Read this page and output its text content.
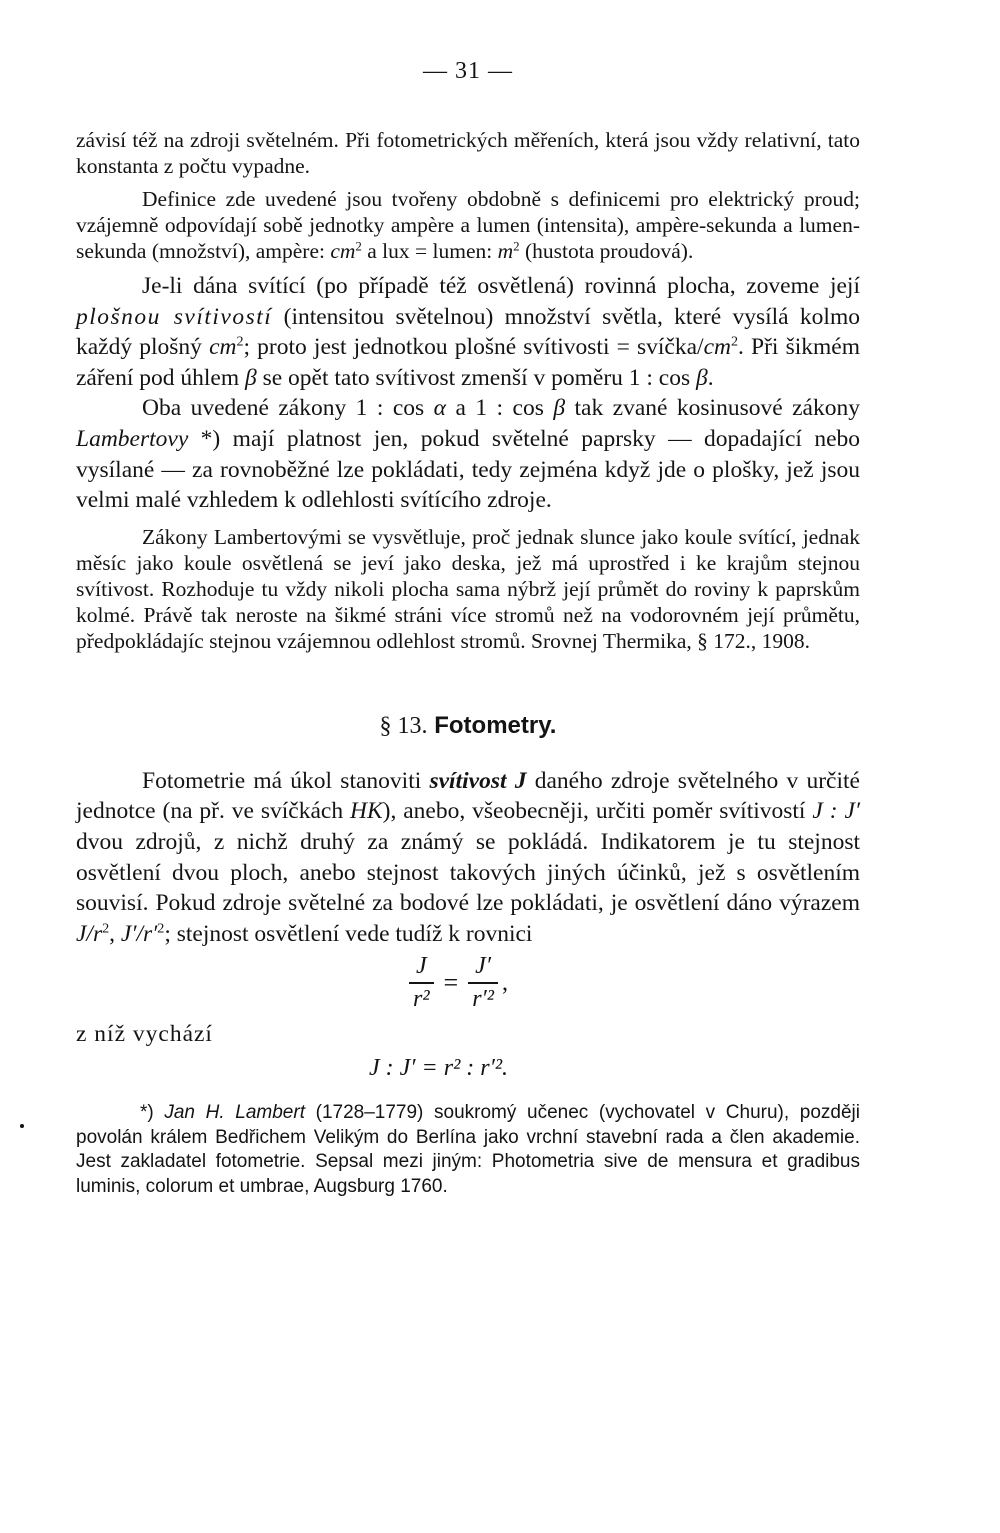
— 31 —

závisí též na zdroji světelném. Při fotometrických měřeních, která jsou vždy relativní, tato konstanta z počtu vypadne.

Definice zde uvedené jsou tvořeny obdobně s definicemi pro elektrický proud; vzájemně odpovídají sobě jednotky ampère a lumen (intensita), ampère-sekunda a lumen-sekunda (množství), ampère: $cm^2$ a lux = lumen: $m^2$ (hustota proudová).

Je-li dána svítící (po případě též osvětlená) rovinná plocha, zoveme její plošnou svítivostí (intensitou světelnou) množství světla, které vysílá kolmo každý plošný $cm^2$; proto jest jednotkou plošné svítivosti = svíčka/$cm^2$. Při šikmém záření pod úhlem β se opět tato svítivost zmenší v poměru 1 : cos β.

Oba uvedené zákony 1 : cos α a 1 : cos β tak zvané kosinusové zákony Lambertovy *) mají platnost jen, pokud světelné paprsky — dopadající nebo vysílané — za rovnoběžné lze pokládati, tedy zejména když jde o plošky, jež jsou velmi malé vzhledem k odlehlosti svítícího zdroje.

Zákony Lambertovými se vysvětluje, proč jednak slunce jako koule svítící, jednak měsíc jako koule osvětlená se jeví jako deska, jež má uprostřed i ke krajům stejnou svítivost. Rozhoduje tu vždy nikoli plocha sama nýbrž její průmět do roviny k paprskům kolmé. Právě tak neroste na šikmé stráni více stromů než na vodorovném její průmětu, předpokládajíc stejnou vzájemnou odlehlost stromů. Srovnej Thermika, § 172., 1908.

§ 13. Fotometry.

Fotometrie má úkol stanoviti svítivost J daného zdroje světelného v určité jednotce (na př. ve svíčkách HK), anebo, všeobecněji, určiti poměr svítivostí J : J′ dvou zdrojů, z nichž druhý za známý se pokládá. Indikatorem je tu stejnost osvětlení dvou ploch, anebo stejnost takových jiných účinků, jež s osvětlením souvisí. Pokud zdroje světelné za bodové lze pokládati, je osvětlení dáno výrazem $J/r^2$, $J'/r'^2$; stejnost osvětlení vede tudíž k rovnici

$\frac{J}{\text{r²}} = \frac{J'}{\text{r′²}}$ ,
z níž vychází
J : J′ = r² : r′².

*) Jan H. Lambert (1728–1779) soukromý učenec (vychovatel v Churu), později povolán králem Bedřichem Velikým do Berlína jako vrchní stavební rada a člen akademie. Jest zakladatel fotometrie. Sepsal mezi jiným: Photometria sive de mensura et gradibus luminis, colorum et umbrae, Augsburg 1760.
